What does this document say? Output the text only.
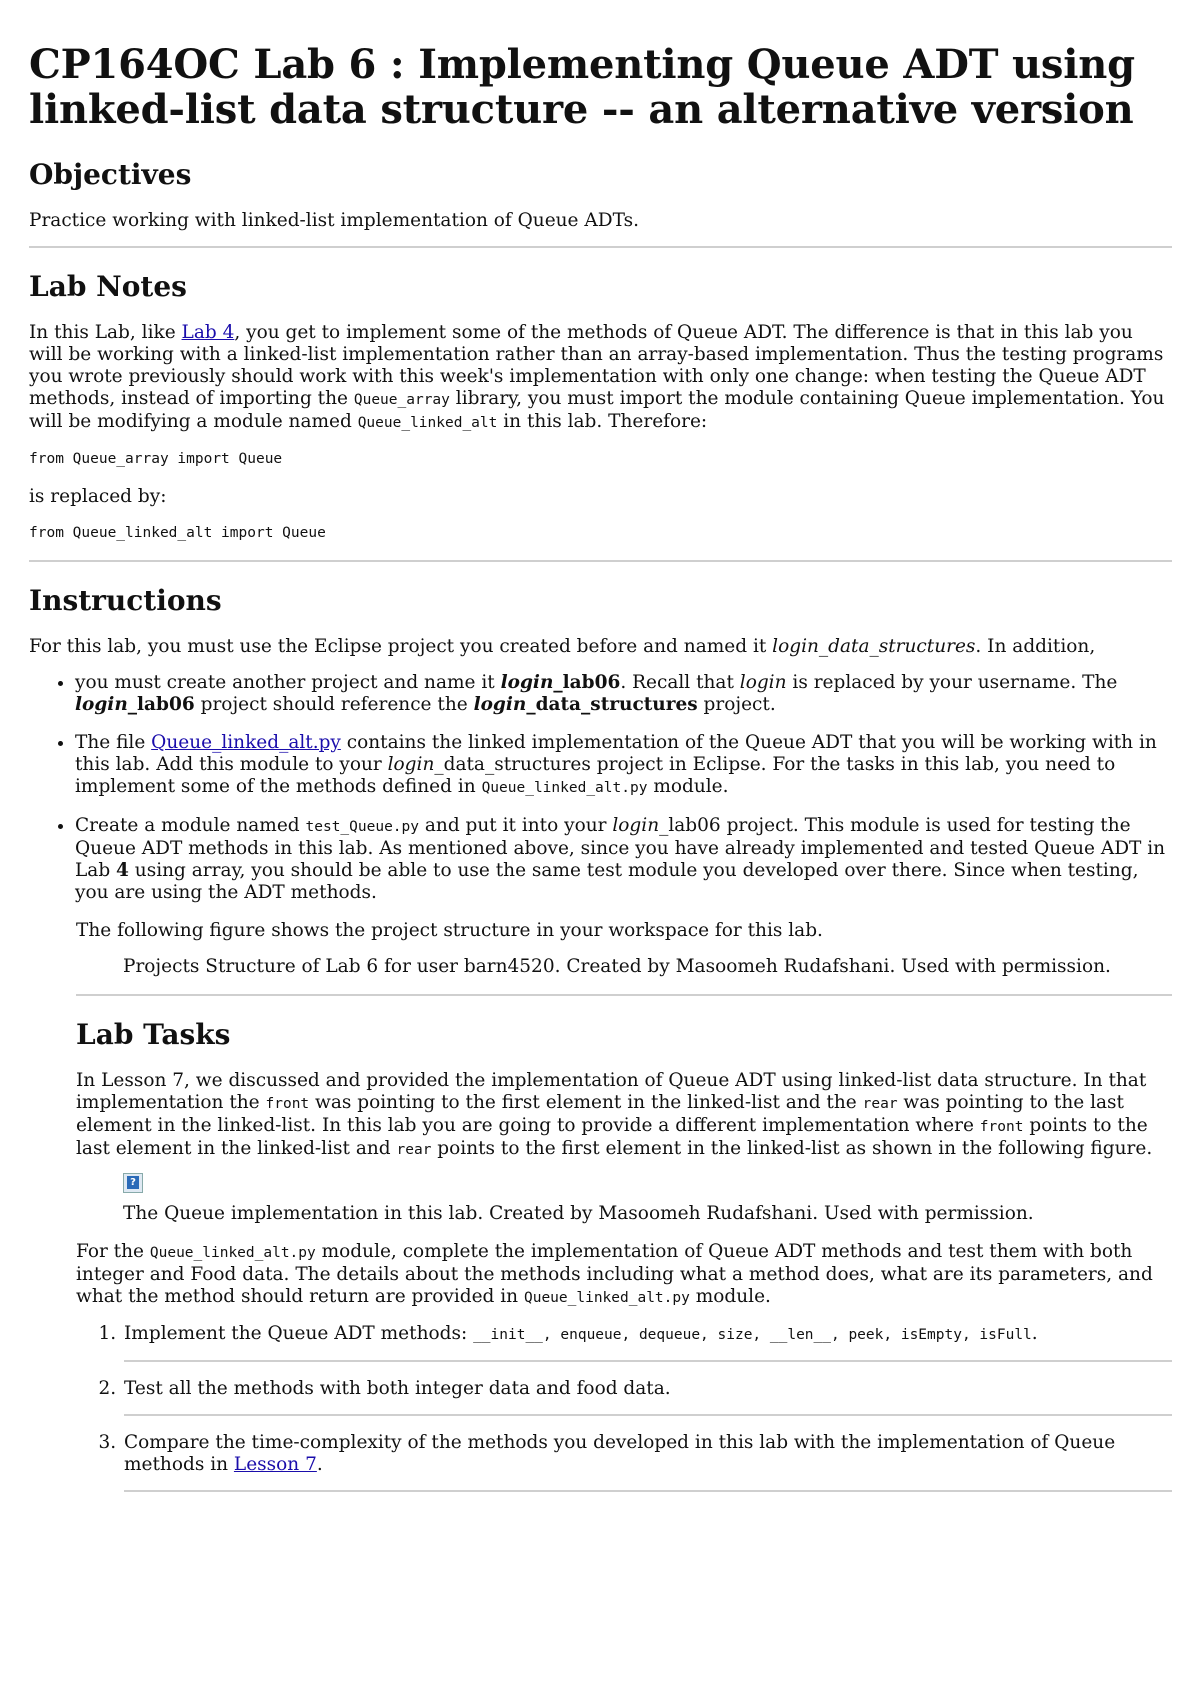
CP164OC Lab 6 : Implementing Queue ADT using linked-list data structure -- an alternative version
Objectives

Practice working with linked-list implementation of Queue ADTs.

Lab Notes

In this Lab, like Lab 4, you get to implement some of the methods of Queue ADT. The difference is that in this lab you will be working with a linked-list implementation rather than an array-based implementation. Thus the testing programs you wrote previously should work with this week's implementation with only one change: when testing the Queue ADT methods, instead of importing the Queue_array library, you must import the module containing Queue implementation. You will be modifying a module named Queue_linked_alt in this lab. Therefore:

from Queue_array import Queue

is replaced by:

from Queue_linked_alt import Queue
Instructions

For this lab, you must use the Eclipse project you created before and named it login_data_structures. In addition,

• you must create another project and name it login_lab06. Recall that login is replaced by your username. The login_lab06 project should reference the login_data_structures project.
• The file Queue_linked_alt.py contains the linked implementation of the Queue ADT that you will be working with in this lab. Add this module to your login_data_structures project in Eclipse. For the tasks in this lab, you need to implement some of the methods defined in Queue_linked_alt.py module.
• Create a module named test_Queue.py and put it into your login_lab06 project. This module is used for testing the Queue ADT methods in this lab. As mentioned above, since you have already implemented and tested Queue ADT in Lab 4 using array, you should be able to use the same test module you developed over there. Since when testing, you are using the ADT methods.

The following figure shows the project structure in your workspace for this lab.

Projects Structure of Lab 6 for user barn4520. Created by Masoomeh Rudafshani. Used with permission.

Lab Tasks

In Lesson 7, we discussed and provided the implementation of Queue ADT using linked-list data structure. In that implementation the front was pointing to the first element in the linked-list and the rear was pointing to the last element in the linked-list. In this lab you are going to provide a different implementation where front points to the last element in the linked-list and rear points to the first element in the linked-list as shown in the following figure.

?

The Queue implementation in this lab. Created by Masoomeh Rudafshani. Used with permission.

For the Queue_linked_alt.py module, complete the implementation of Queue ADT methods and test them with both integer and Food data. The details about the methods including what a method does, what are its parameters, and what the method should return are provided in Queue_linked_alt.py module.

1. Implement the Queue ADT methods: __init__, enqueue, dequeue, size, __len__, peek, isEmpty, isFull.
2. Test all the methods with both integer data and food data.
3. Compare the time-complexity of the methods you developed in this lab with the implementation of Queue methods in Lesson 7.
